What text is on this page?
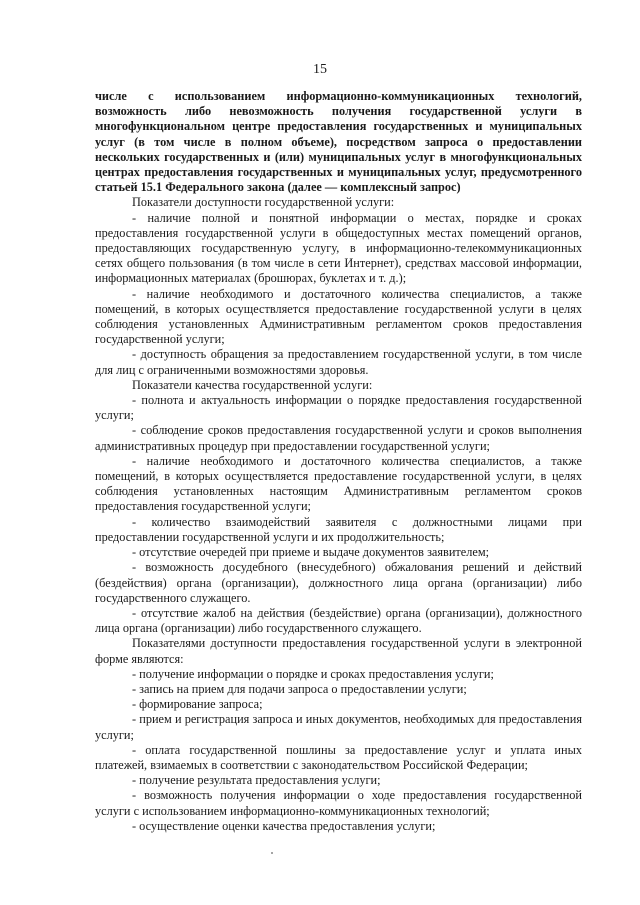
15

числе с использованием информационно-коммуникационных технологий, возможность либо невозможность получения государственной услуги в многофункциональном центре предоставления государственных и муниципальных услуг (в том числе в полном объеме), посредством запроса о предоставлении нескольких государственных и (или) муниципальных услуг в многофункциональных центрах предоставления государственных и муниципальных услуг, предусмотренного статьей 15.1 Федерального закона (далее — комплексный запрос)

Показатели доступности государственной услуги:

- наличие полной и понятной информации о местах, порядке и сроках предоставления государственной услуги в общедоступных местах помещений органов, предоставляющих государственную услугу, в информационно-телекоммуникационных сетях общего пользования (в том числе в сети Интернет), средствах массовой информации, информационных материалах (брошюрах, буклетах и т. д.);

- наличие необходимого и достаточного количества специалистов, а также помещений, в которых осуществляется предоставление государственной услуги в целях соблюдения установленных Административным регламентом сроков предоставления государственной услуги;

- доступность обращения за предоставлением государственной услуги, в том числе для лиц с ограниченными возможностями здоровья.

Показатели качества государственной услуги:

- полнота и актуальность информации о порядке предоставления государственной услуги;

- соблюдение сроков предоставления государственной услуги и сроков выполнения административных процедур при предоставлении государственной услуги;

- наличие необходимого и достаточного количества специалистов, а также помещений, в которых осуществляется предоставление государственной услуги, в целях соблюдения установленных настоящим Административным регламентом сроков предоставления государственной услуги;

- количество взаимодействий заявителя с должностными лицами при предоставлении государственной услуги и их продолжительность;

- отсутствие очередей при приеме и выдаче документов заявителем;

- возможность досудебного (внесудебного) обжалования решений и действий (бездействия) органа (организации), должностного лица органа (организации) либо государственного служащего.

- отсутствие жалоб на действия (бездействие) органа (организации), должностного лица органа (организации) либо государственного служащего.

Показателями доступности предоставления государственной услуги в электронной форме являются:

- получение информации о порядке и сроках предоставления услуги;

- запись на прием для подачи запроса о предоставлении услуги;

- формирование запроса;

- прием и регистрация запроса и иных документов, необходимых для предоставления услуги;

- оплата государственной пошлины за предоставление услуг и уплата иных платежей, взимаемых в соответствии с законодательством Российской Федерации;

- получение результата предоставления услуги;

- возможность получения информации о ходе предоставления государственной услуги с использованием информационно-коммуникационных технологий;

- осуществление оценки качества предоставления услуги;
